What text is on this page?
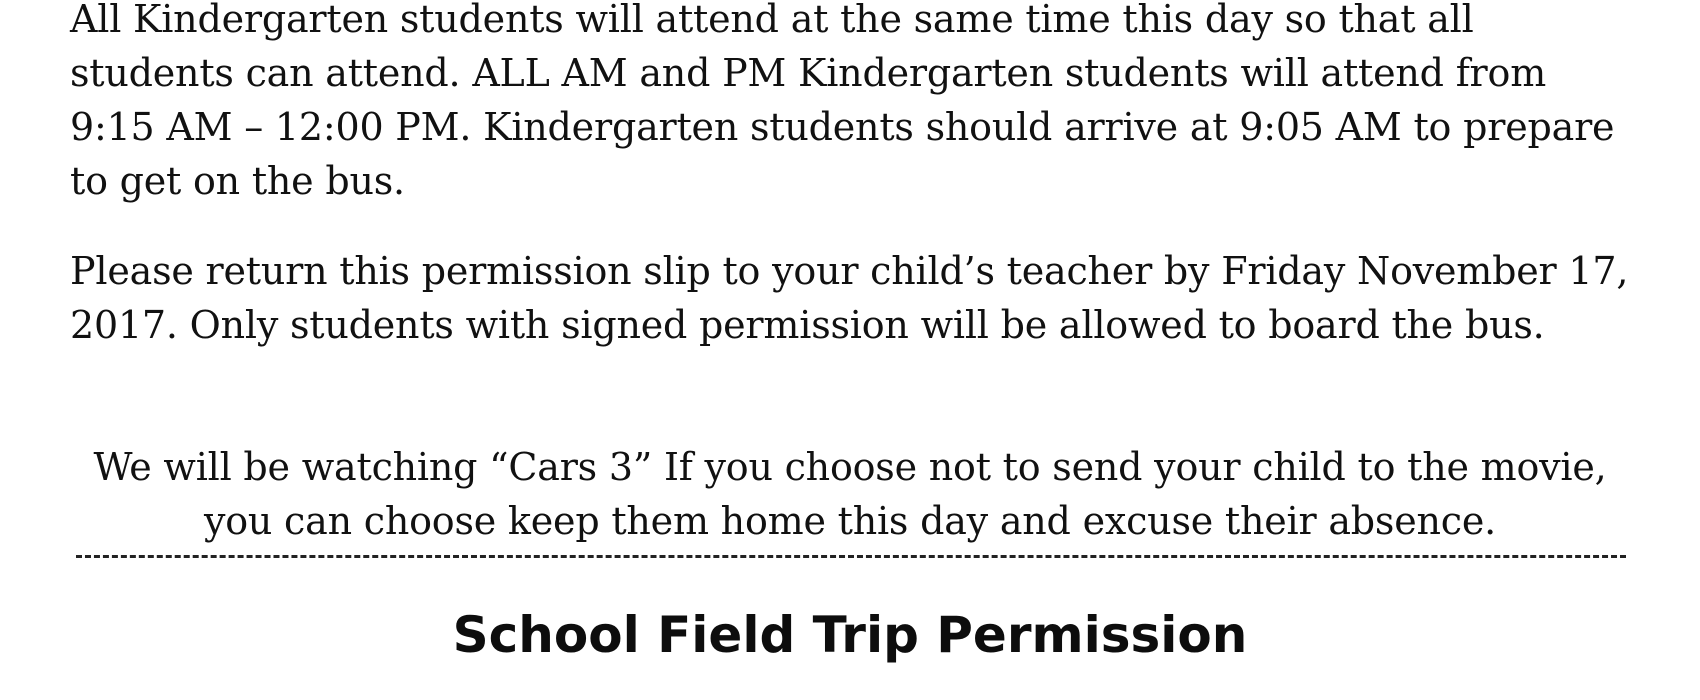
All Kindergarten students will attend at the same time this day so that all students can attend. ALL AM and PM Kindergarten students will attend from 9:15 AM – 12:00 PM. Kindergarten students should arrive at 9:05 AM to prepare to get on the bus.

Please return this permission slip to your child’s teacher by Friday November 17, 2017. Only students with signed permission will be allowed to board the bus.

We will be watching “Cars 3” If you choose not to send your child to the movie, you can choose keep them home this day and excuse their absence.

School Field Trip Permission
